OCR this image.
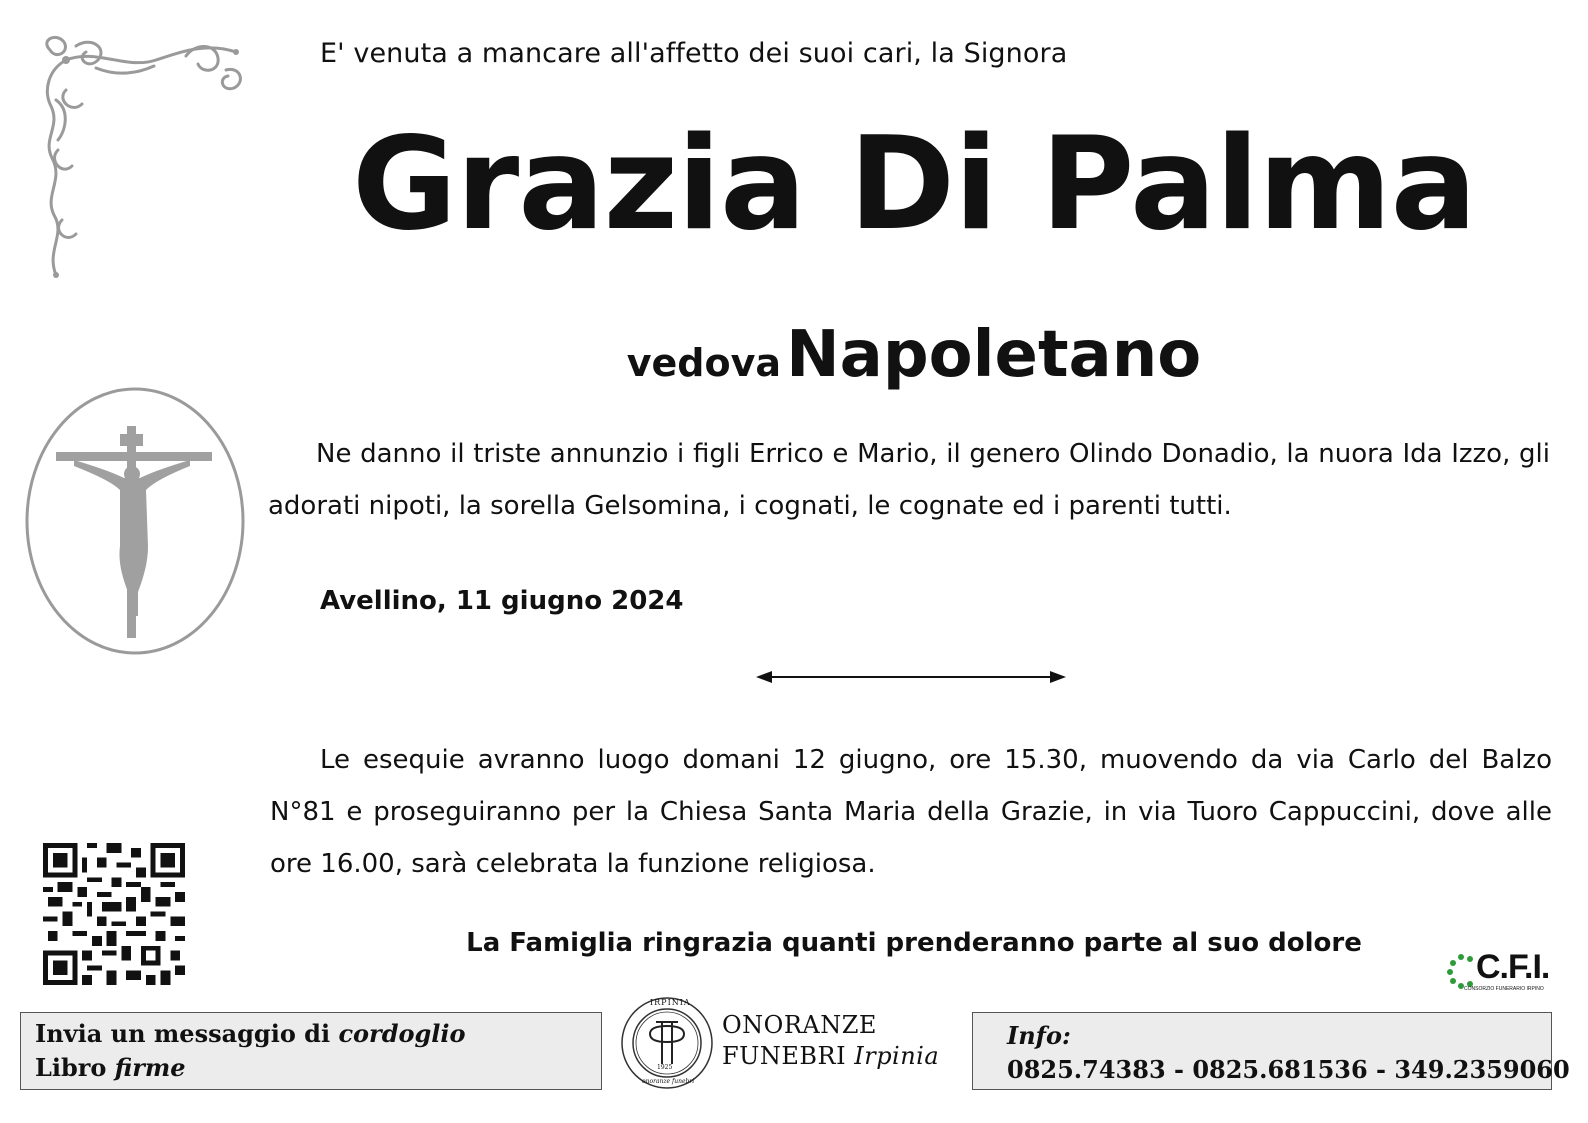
E' venuta a mancare all'affetto dei suoi cari, la Signora
Grazia Di Palma
vedova Napoletano
Ne danno il triste annunzio i figli Errico e Mario, il genero Olindo Donadio, la nuora Ida Izzo, gli adorati nipoti, la sorella Gelsomina, i cognati, le cognate ed i parenti tutti.
Avellino, 11 giugno 2024
Le esequie avranno luogo domani 12 giugno, ore 15.30, muovendo da via Carlo del Balzo N°81 e proseguiranno per la Chiesa Santa Maria della Grazie, in via Tuoro Cappuccini, dove alle ore 16.00, sarà celebrata la funzione religiosa.
La Famiglia ringrazia quanti prenderanno parte al suo dolore
C.F.I.
CONSORZIO FUNERARIO IRPINO
Invia un messaggio di cordoglio
Libro firme
IRPINIA
1925
onoranze funebri
ONORANZE
FUNEBRI Irpinia
Info:
0825.74383 - 0825.681536 - 349.2359060
